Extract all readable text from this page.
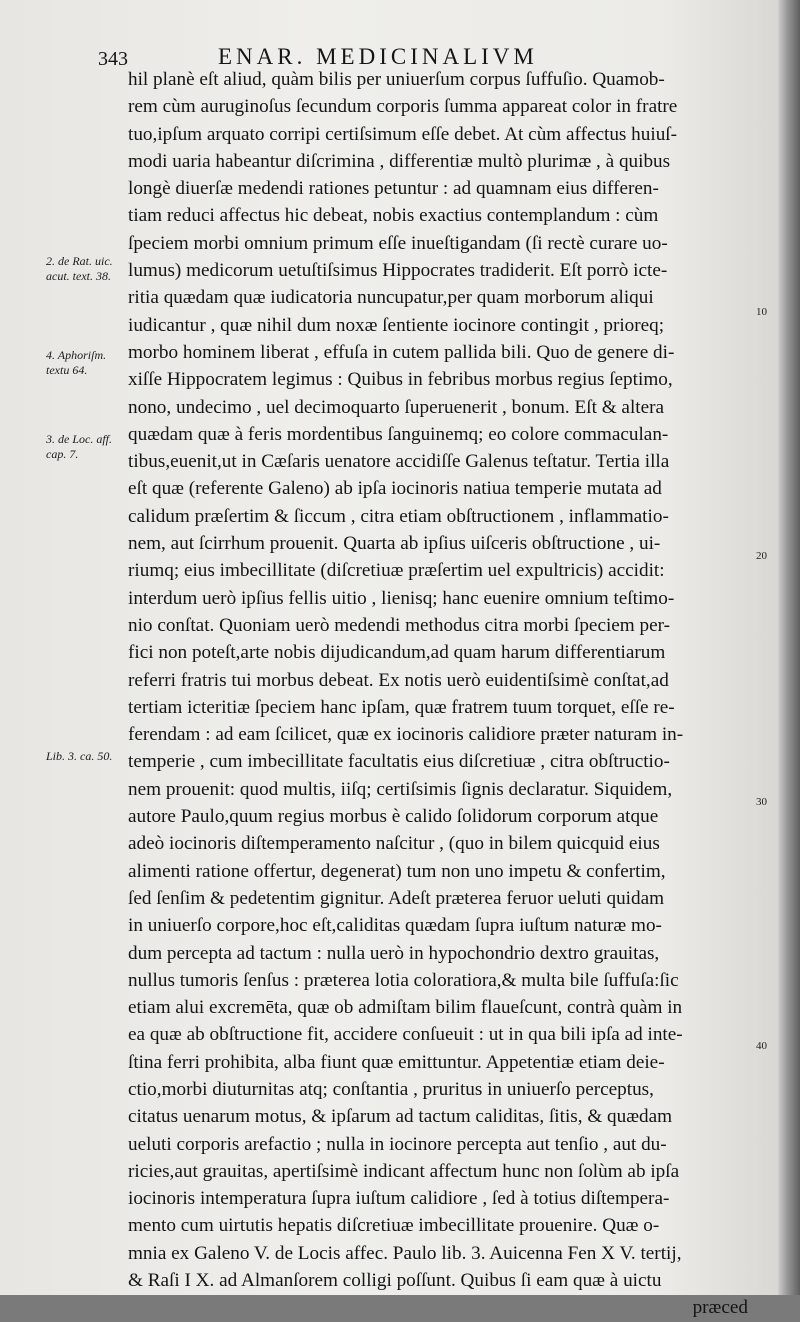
343	ENAR. MEDICINALIVM
hil planè eſt aliud, quàm bilis per uniuerſum corpus ſuffuſio. Quamob-
rem cùm auruginoſus ſecundum corporis ſumma appareat color in fratre
tuo,ipſum arquato corripi certiſsimum eſſe debet. At cùm affectus huiuſ-
modi uaria habeantur diſcrimina , differentiæ multò plurimæ , à quibus
longè diuerſæ medendi rationes petuntur : ad quamnam eius differen-
tiam reduci affectus hic debeat, nobis exactius contemplandum : cùm
ſpeciem morbi omnium primum eſſe inueſtigandam (ſi rectè curare uo-
lumus) medicorum uetuſtiſsimus Hippocrates tradiderit. Eſt porrò icte-
ritia quædam quæ iudicatoria nuncupatur,per quam morborum aliqui
iudicantur , quæ nihil dum noxæ ſentiente iocinore contingit , prioreq;
morbo hominem liberat , effuſa in cutem pallida bili. Quo de genere di-
xiſſe Hippocratem legimus : Quibus in febribus morbus regius ſeptimo,
nono, undecimo , uel decimoquarto ſuperuenerit , bonum. Eſt & altera
quædam quæ à feris mordentibus ſanguinemq; eo colore commaculan-
tibus,euenit,ut in Cæſaris uenatore accidiſſe Galenus teſtatur. Tertia illa
eſt quæ (referente Galeno) ab ipſa iocinoris natiua temperie mutata ad
calidum præſertim & ſiccum , citra etiam obſtructionem , inflammatio-
nem, aut ſcirrhum prouenit. Quarta ab ipſius uiſceris obſtructione , ui-
riumq; eius imbecillitate (diſcretiuæ præſertim uel expultricis) accidit:
interdum uerò ipſius fellis uitio , lienisq; hanc euenire omnium teſtimo-
nio conſtat. Quoniam uerò medendi methodus citra morbi ſpeciem per-
fici non poteſt,arte nobis dijudicandum,ad quam harum differentiarum
referri fratris tui morbus debeat. Ex notis uerò euidentiſsimè conſtat,ad
tertiam icteritiæ ſpeciem hanc ipſam, quæ fratrem tuum torquet, eſſe re-
ferendam : ad eam ſcilicet, quæ ex iocinoris calidiore præter naturam in-
temperie , cum imbecillitate facultatis eius diſcretiuæ , citra obſtructio-
nem prouenit: quod multis, iiſq; certiſsimis ſignis declaratur. Siquidem,
autore Paulo,quum regius morbus è calido ſolidorum corporum atque
adeò iocinoris diſtemperamento naſcitur , (quo in bilem quicquid eius
alimenti ratione offertur, degenerat) tum non uno impetu & confertim,
ſed ſenſim & pedetentim gignitur. Adeſt præterea feruor ueluti quidam
in uniuerſo corpore,hoc eſt,caliditas quædam ſupra iuſtum naturæ mo-
dum percepta ad tactum : nulla uerò in hypochondrio dextro grauitas,
nullus tumoris ſenſus : præterea lotia coloratiora,& multa bile ſuffuſa:ſic
etiam alui excremēta, quæ ob admiſtam bilim flaueſcunt, contrà quàm in
ea quæ ab obſtructione fit, accidere conſueuit : ut in qua bili ipſa ad inte-
ſtina ferri prohibita, alba fiunt quæ emittuntur. Appetentiæ etiam deie-
ctio,morbi diuturnitas atq; conſtantia , pruritus in uniuerſo perceptus,
citatus uenarum motus, & ipſarum ad tactum caliditas, ſitis, & quædam
ueluti corporis arefactio ; nulla in iocinore percepta aut tenſio , aut du-
ricies,aut grauitas, apertiſsimè indicant affectum hunc non ſolùm ab ipſa
iocinoris intemperatura ſupra iuſtum calidiore , ſed à totius diſtempera-
mento cum uirtutis hepatis diſcretiuæ imbecillitate prouenire. Quæ o-
mnia ex Galeno V. de Locis affec. Paulo lib. 3. Auicenna Fen X V. tertij,
& Raſi I X. ad Almanſorem colligi poſſunt. Quibus ſi eam quæ à uictu
præced
2. de Rat. uic. acut. text. 38.
4. Aphoriſm. textu 64.
3. de Loc. aff. cap. 7.
Lib. 3. ca. 50.
10
20
30
40
